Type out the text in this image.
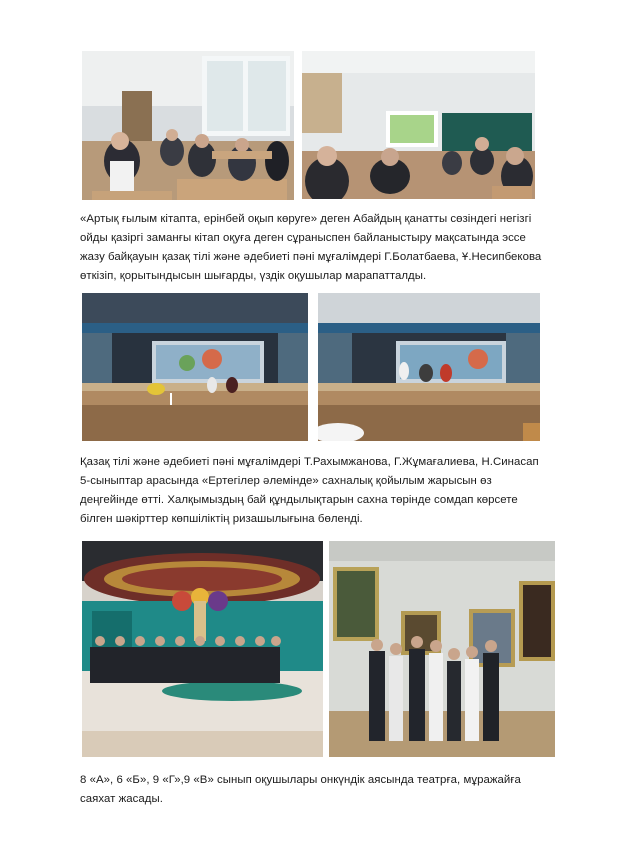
«Артық ғылым кітапта, ерінбей оқып көруге» деген Абайдың қанатты сөзіндегі негізгі ойды қазіргі заманғы кітап оқуға деген сұраныспен байланыстыру мақсатында эссе жазу байқауын қазақ тілі және әдебиеті пәні мұғалімдері Г.Болатбаева, Ұ.Несипбекова өткізіп, қорытындысын шығарды, үздік оқушылар марапатталды.

Қазақ тілі және әдебиеті пәні мұғалімдері Т.Рахымжанова, Г.Жұмағалиева, Н.Синасап 5-сыныптар арасында «Ертегілер әлемінде» сахналық қойылым жарысын өз деңгейінде өтті. Халқымыздың бай құндылықтарын сахна төрінде сомдап көрсете білген шәкірттер көпшіліктің ризашылығына бөленді.

8 «А», 6 «Б», 9 «Г»,9 «В» сынып оқушылары онкүндік аясында театрға, мұражайға саяхат жасады.
